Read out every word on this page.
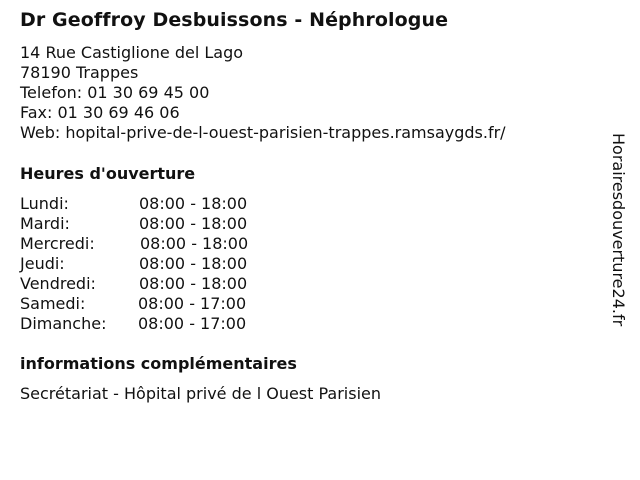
Dr Geoffroy Desbuissons - Néphrologue
14 Rue Castiglione del Lago
78190 Trappes
Telefon: 01 30 69 45 00
Fax: 01 30 69 46 06
Web: hopital-prive-de-l-ouest-parisien-trappes.ramsaygds.fr/
Heures d'ouverture
Lundi:	08:00 - 18:00
Mardi:	08:00 - 18:00
Mercredi:	08:00 - 18:00
Jeudi:	08:00 - 18:00
Vendredi:	08:00 - 18:00
Samedi:	08:00 - 17:00
Dimanche: 08:00 - 17:00
informations complémentaires
Secrétariat - Hôpital privé de l Ouest Parisien
Horairesdouverture24.fr
